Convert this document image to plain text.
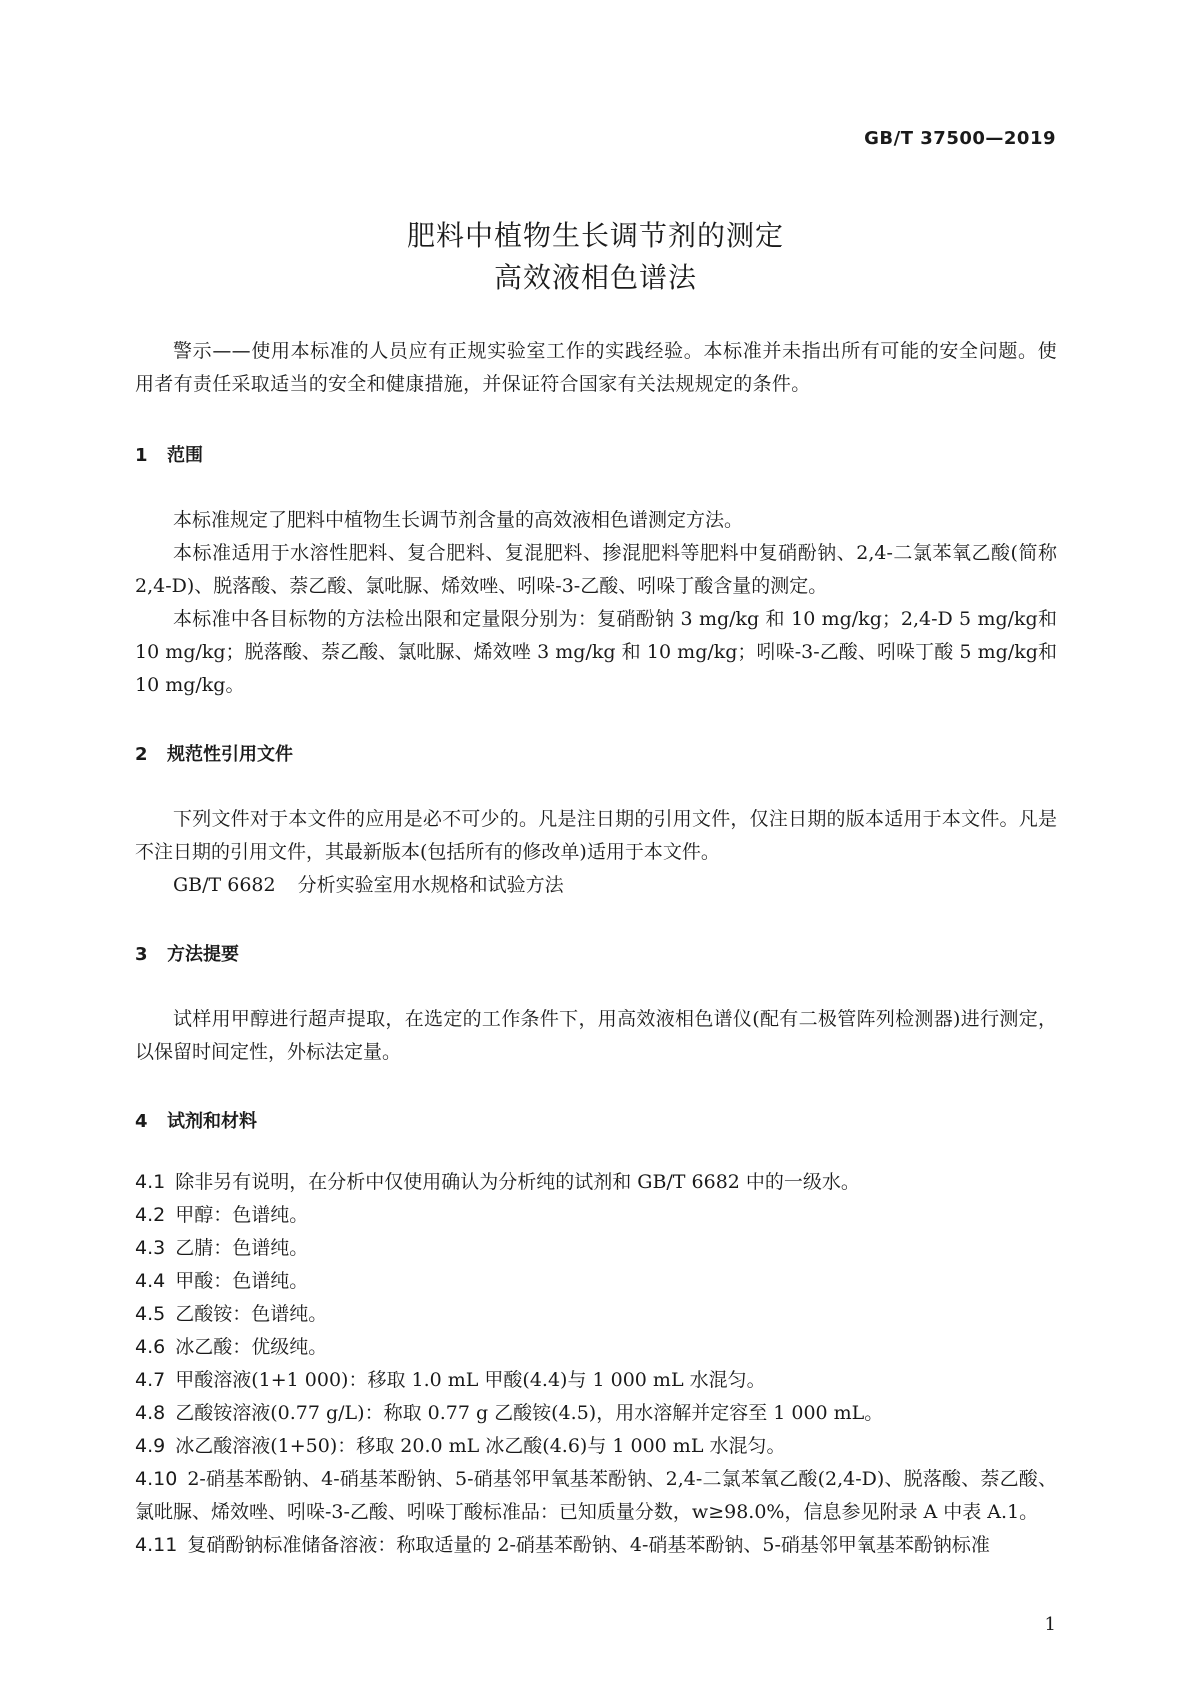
GB/T 37500—2019
肥料中植物生长调节剂的测定
高效液相色谱法

警示——使用本标准的人员应有正规实验室工作的实践经验。本标准并未指出所有可能的安全问题。使用者有责任采取适当的安全和健康措施，并保证符合国家有关法规规定的条件。

1 范围

本标准规定了肥料中植物生长调节剂含量的高效液相色谱测定方法。

本标准适用于水溶性肥料、复合肥料、复混肥料、掺混肥料等肥料中复硝酚钠、2,4-二氯苯氧乙酸(简称 2,4-D)、脱落酸、萘乙酸、氯吡脲、烯效唑、吲哚-3-乙酸、吲哚丁酸含量的测定。

本标准中各目标物的方法检出限和定量限分别为：复硝酚钠 3 mg/kg 和 10 mg/kg；2,4-D 5 mg/kg和 10 mg/kg；脱落酸、萘乙酸、氯吡脲、烯效唑 3 mg/kg 和 10 mg/kg；吲哚-3-乙酸、吲哚丁酸 5 mg/kg和 10 mg/kg。

2 规范性引用文件

下列文件对于本文件的应用是必不可少的。凡是注日期的引用文件，仅注日期的版本适用于本文件。凡是不注日期的引用文件，其最新版本(包括所有的修改单)适用于本文件。

GB/T 6682 分析实验室用水规格和试验方法

3 方法提要

试样用甲醇进行超声提取，在选定的工作条件下，用高效液相色谱仪(配有二极管阵列检测器)进行测定，以保留时间定性，外标法定量。

4 试剂和材料

4.1 除非另有说明，在分析中仅使用确认为分析纯的试剂和 GB/T 6682 中的一级水。

4.2 甲醇：色谱纯。

4.3 乙腈：色谱纯。

4.4 甲酸：色谱纯。

4.5 乙酸铵：色谱纯。

4.6 冰乙酸：优级纯。

4.7 甲酸溶液(1+1 000)：移取 1.0 mL 甲酸(4.4)与 1 000 mL 水混匀。

4.8 乙酸铵溶液(0.77 g/L)：称取 0.77 g 乙酸铵(4.5)，用水溶解并定容至 1 000 mL。

4.9 冰乙酸溶液(1+50)：移取 20.0 mL 冰乙酸(4.6)与 1 000 mL 水混匀。

4.10 2-硝基苯酚钠、4-硝基苯酚钠、5-硝基邻甲氧基苯酚钠、2,4-二氯苯氧乙酸(2,4-D)、脱落酸、萘乙酸、氯吡脲、烯效唑、吲哚-3-乙酸、吲哚丁酸标准品：已知质量分数，w≥98.0%，信息参见附录 A 中表 A.1。

4.11 复硝酚钠标准储备溶液：称取适量的 2-硝基苯酚钠、4-硝基苯酚钠、5-硝基邻甲氧基苯酚钠标准

1
